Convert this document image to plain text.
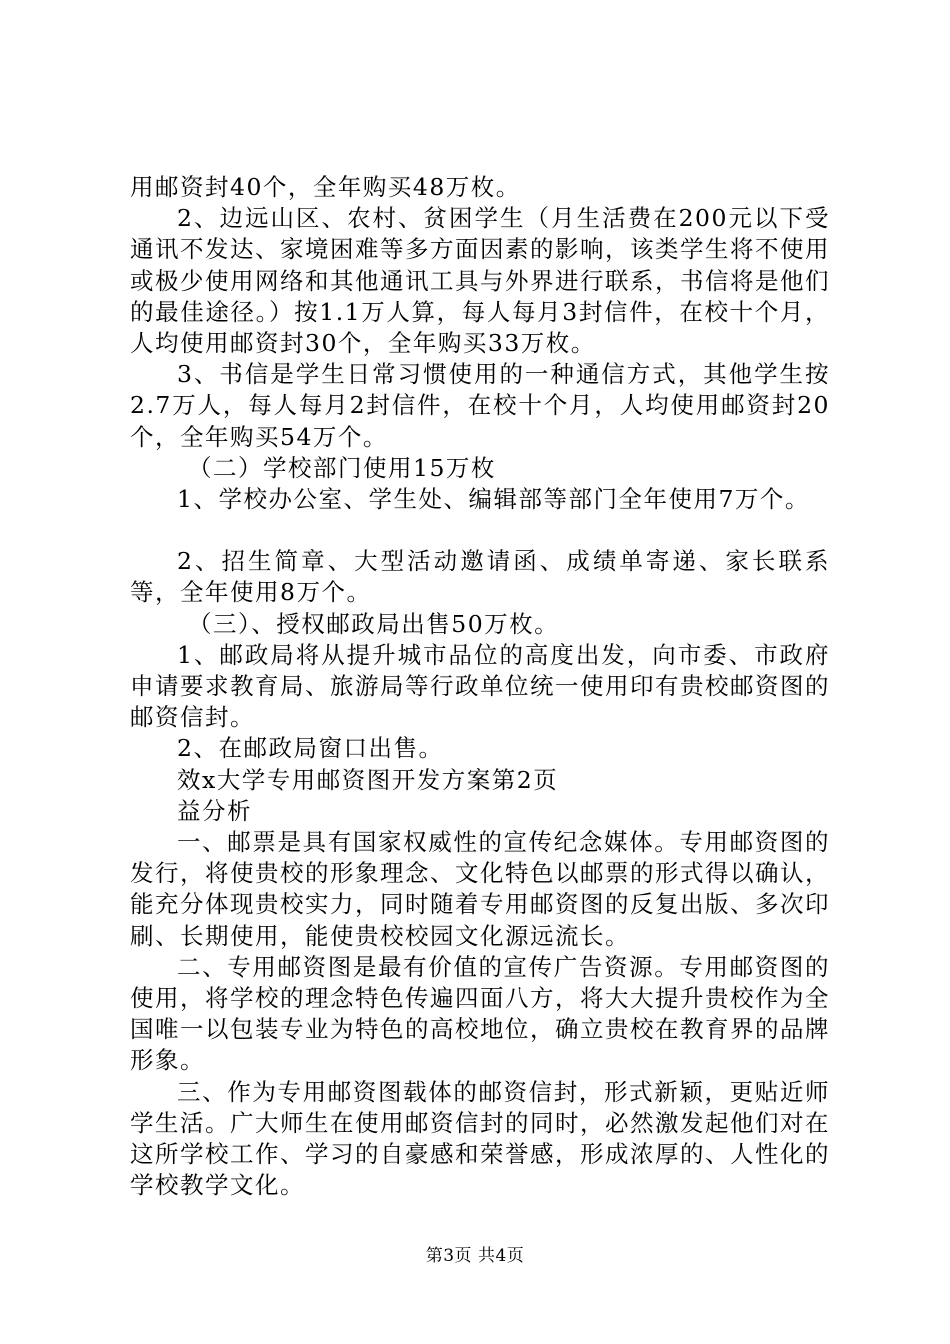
用邮资封40个，全年购买48万枚。

2、边远山区、农村、贫困学生（月生活费在200元以下受通讯不发达、家境困难等多方面因素的影响，该类学生将不使用或极少使用网络和其他通讯工具与外界进行联系，书信将是他们的最佳途径。）按1.1万人算，每人每月3封信件，在校十个月，人均使用邮资封30个，全年购买33万枚。

3、书信是学生日常习惯使用的一种通信方式，其他学生按2.7万人，每人每月2封信件，在校十个月，人均使用邮资封20个，全年购买54万个。

（二）学校部门使用15万枚

1、学校办公室、学生处、编辑部等部门全年使用7万个。

2、招生简章、大型活动邀请函、成绩单寄递、家长联系等，全年使用8万个。

（三）、授权邮政局出售50万枚。

1、邮政局将从提升城市品位的高度出发，向市委、市政府申请要求教育局、旅游局等行政单位统一使用印有贵校邮资图的邮资信封。

2、在邮政局窗口出售。

效x大学专用邮资图开发方案第2页

益分析

一、邮票是具有国家权威性的宣传纪念媒体。专用邮资图的发行，将使贵校的形象理念、文化特色以邮票的形式得以确认，能充分体现贵校实力，同时随着专用邮资图的反复出版、多次印刷、长期使用，能使贵校校园文化源远流长。

二、专用邮资图是最有价值的宣传广告资源。专用邮资图的使用，将学校的理念特色传遍四面八方，将大大提升贵校作为全国唯一以包装专业为特色的高校地位，确立贵校在教育界的品牌形象。

三、作为专用邮资图载体的邮资信封，形式新颖，更贴近师学生活。广大师生在使用邮资信封的同时，必然激发起他们对在这所学校工作、学习的自豪感和荣誉感，形成浓厚的、人性化的学校教学文化。

第3页 共4页
